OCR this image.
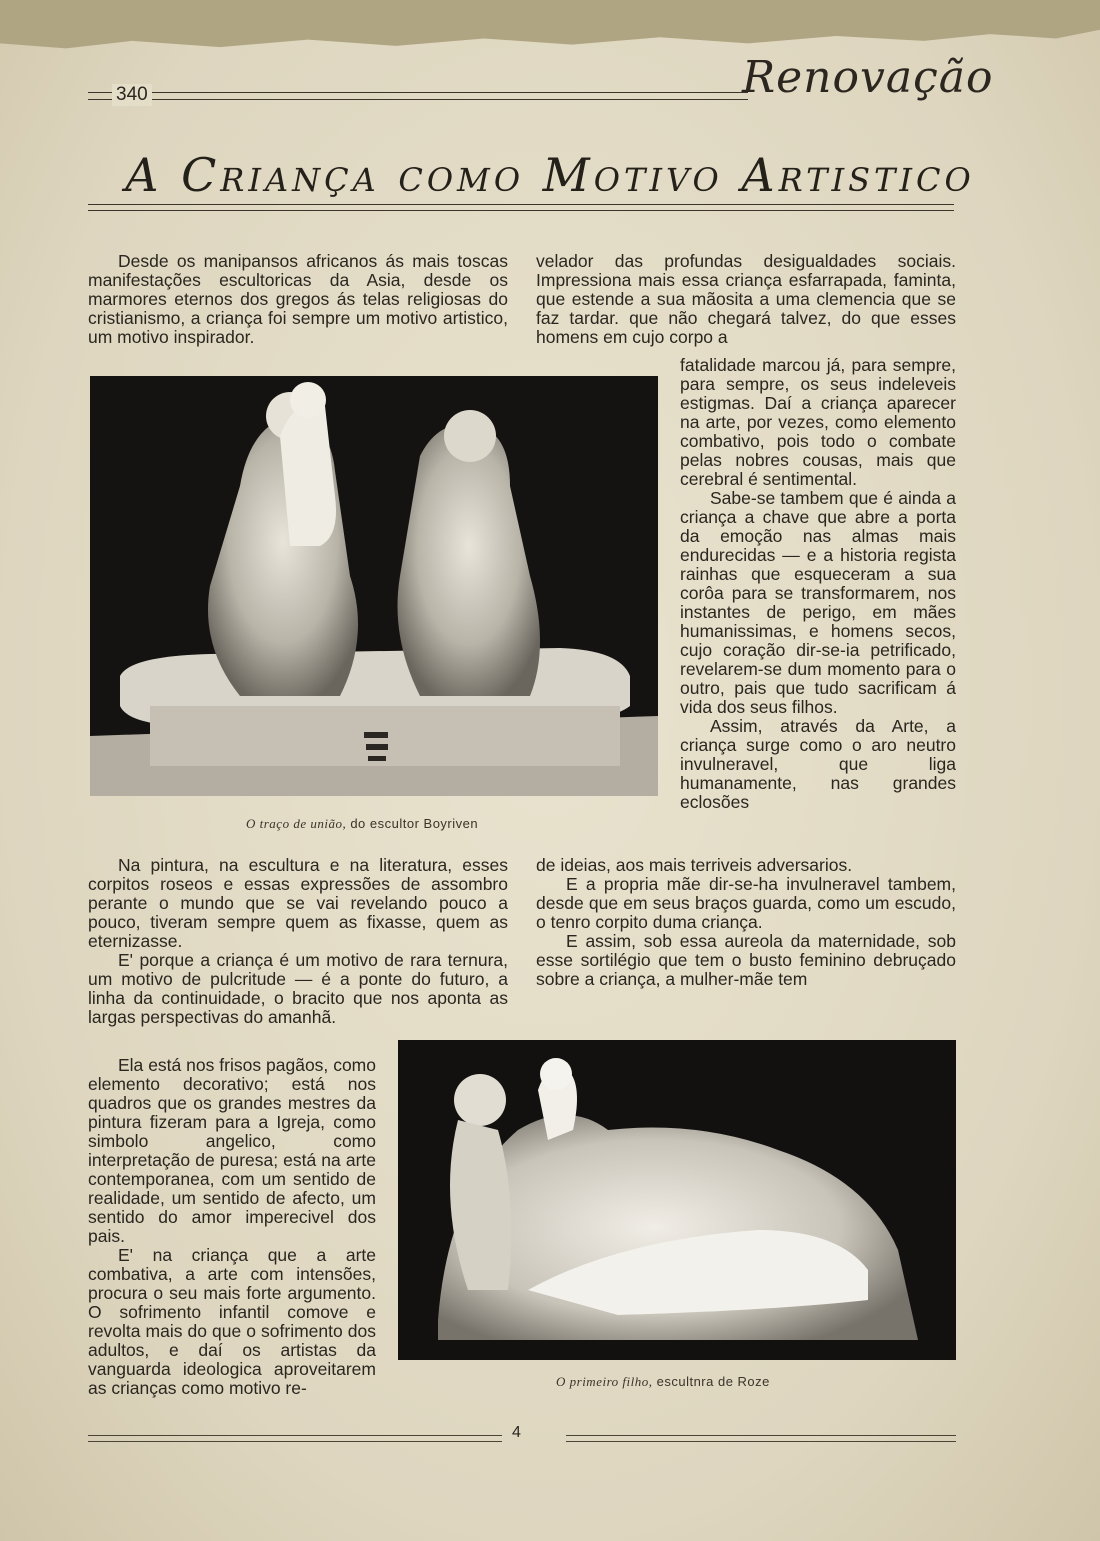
340	Renovação
A Criança como Motivo Artistico

Desde os manipansos africanos ás mais toscas manifestações escultoricas da Asia, desde os marmores eternos dos gregos ás telas religiosas do cristianismo, a criança foi sempre um motivo artistico, um motivo inspirador.

O traço de união, do escultor Boyriven

Na pintura, na escultura e na literatura, esses corpitos roseos e essas expressões de assombro perante o mundo que se vai revelando pouco a pouco, tiveram sempre quem as fixasse, quem as eternizasse.

E' porque a criança é um motivo de rara ternura, um motivo de pulcritude — é a ponte do futuro, a linha da continuidade, o bracito que nos aponta as largas perspectivas do amanhã.

Ela está nos frisos pagãos, como elemento decorativo; está nos quadros que os grandes mestres da pintura fizeram para a Igreja, como simbolo angelico, como interpretação de puresa; está na arte contemporanea, com um sentido de realidade, um sentido de afecto, um sentido do amor imperecivel dos pais.

E' na criança que a arte combativa, a arte com intensões, procura o seu mais forte argumento. O sofrimento infantil comove e revolta mais do que o sofrimento dos adultos, e daí os artistas da vanguarda ideologica aproveitarem as crianças como motivo re-

velador das profundas desigualdades sociais. Impressiona mais essa criança esfarrapada, faminta, que estende a sua mãosita a uma clemencia que se faz tardar. que não chegará talvez, do que esses homens em cujo corpo a

fatalidade marcou já, para sempre, para sempre, os seus indeleveis estigmas. Daí a criança aparecer na arte, por vezes, como elemento combativo, pois todo o combate pelas nobres cousas, mais que cerebral é sentimental.

Sabe-se tambem que é ainda a criança a chave que abre a porta da emoção nas almas mais endurecidas — e a historia regista rainhas que esqueceram a sua corôa para se transformarem, nos instantes de perigo, em mães humanissimas, e homens secos, cujo coração dir-se-ia petrificado, revelarem-se dum momento para o outro, pais que tudo sacrificam á vida dos seus filhos.

Assim, através da Arte, a criança surge como o aro neutro invulneravel, que liga humanamente, nas grandes eclosões

de ideias, aos mais terriveis adversarios.

E a propria mãe dir-se-ha invulneravel tambem, desde que em seus braços guarda, como um escudo, o tenro corpito duma criança.

E assim, sob essa aureola da maternidade, sob esse sortilégio que tem o busto feminino debruçado sobre a criança, a mulher-mãe tem

O primeiro filho, escultnra de Roze
4
